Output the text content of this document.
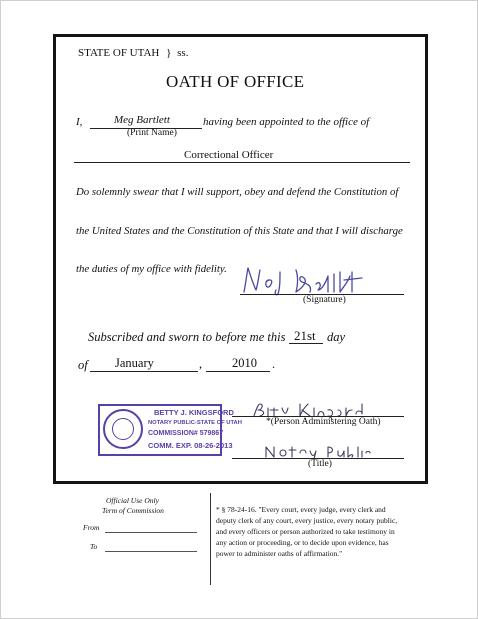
STATE OF UTAH } ss.
OATH OF OFFICE
I,	Meg Bartlett	having been appointed to the office of
(Print Name)
Correctional Officer
Do solemnly swear that I will support, obey and defend the Constitution of
the United States and the Constitution of this State and that I will discharge
the duties of my office with fidelity.
(Signature)
Subscribed and sworn to before me this 21st day
of January	, 2010 .
BETTY J. KINGSFORD
NOTARY PUBLIC-STATE OF UTAH
COMMISSION# 579867
COMM. EXP. 08-26-2013
*(Person Administering Oath)
(Title)
Official Use Only
Term of Commission
From
To
* § 78-24-16. "Every court, every judge, every clerk and
deputy clerk of any court, every justice, every notary public,
and every officers or person authorized to take testimony in
any action or proceeding, or to decide upon evidence, has
power to administer oaths of affirmation."
